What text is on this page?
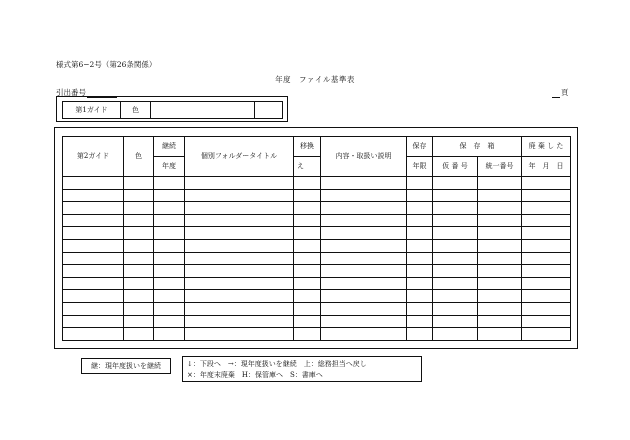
様式第6−2号（第26条関係）
年度　ファイル基準表
引出番号	頁
第1ガイド	色		
第2ガイド	色	継続	個別フォルダータイトル	移換	内容・取扱い説明	保存	保　存　箱		廃 棄 し た
		年度		え		年限	仮 番 号	統一番号	年　月　日

継：現年度扱いを継続	↓：下段へ　→：現年度扱いを継続　上：総務担当へ戻し
×：年度末廃棄　H：保管庫へ　S：書庫へ
